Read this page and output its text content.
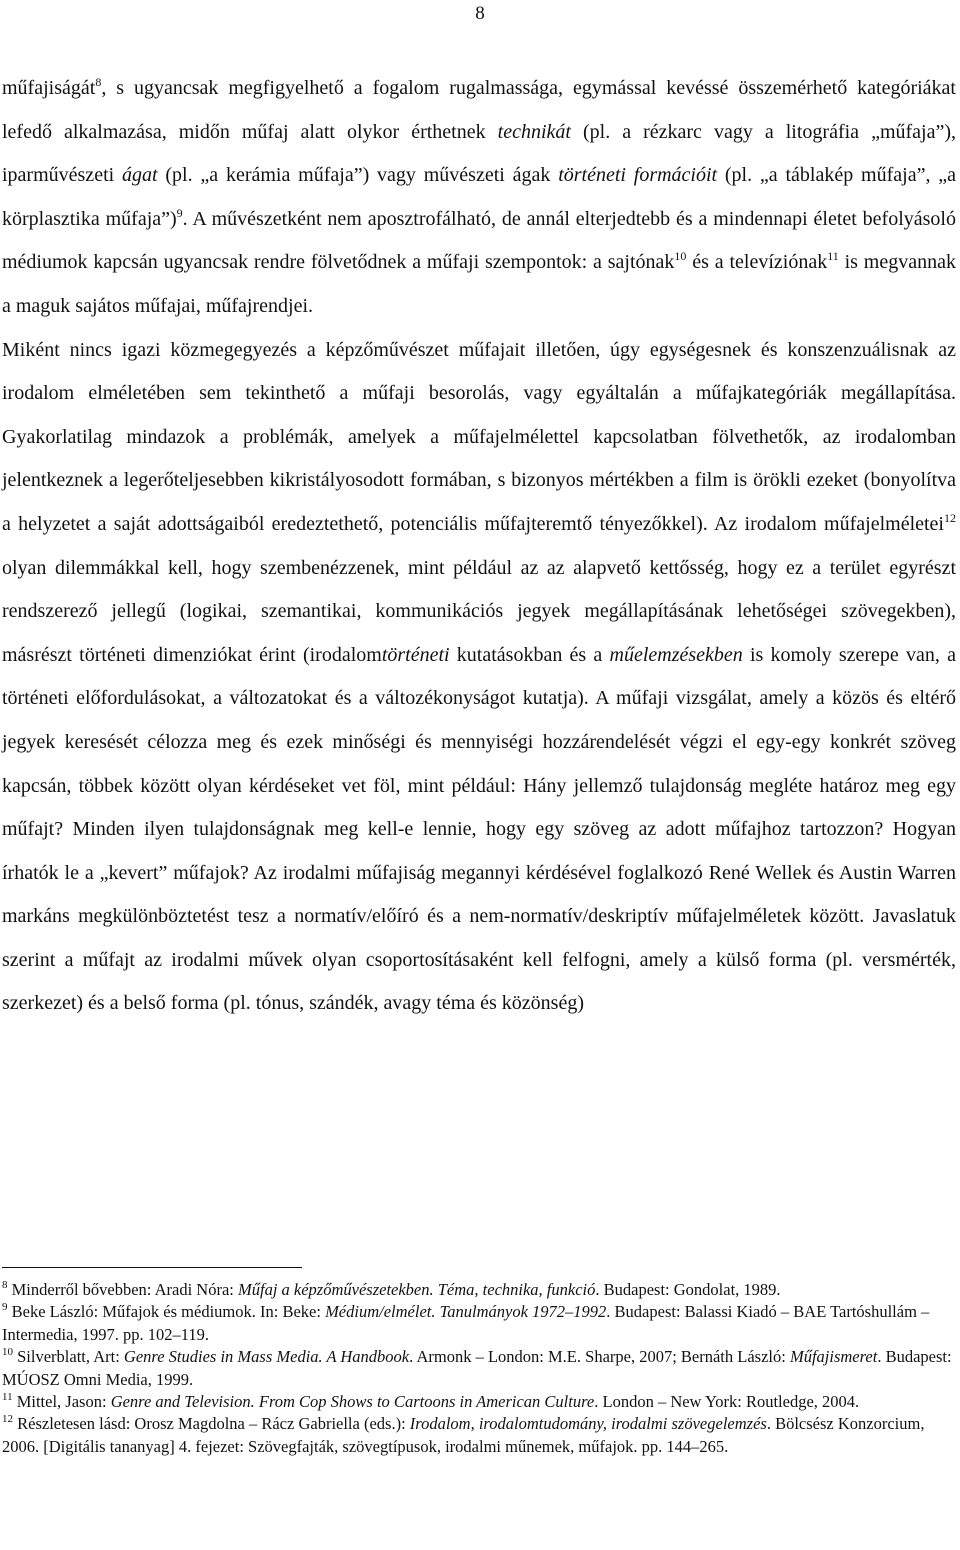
8

műfajiságát$^8$, s ugyancsak megfigyelhető a fogalom rugalmassága, egymással kevéssé összemérhető kategóriákat lefedő alkalmazása, midőn műfaj alatt olykor érthetnek technikát (pl. a rézkarc vagy a litográfia „műfaja”), iparművészeti ágat (pl. „a kerámia műfaja”) vagy művészeti ágak történeti formációit (pl. „a táblakép műfaja”, „a körplasztika műfaja”)$^9$. A művészetként nem aposztrofálható, de annál elterjedtebb és a mindennapi életet befolyásoló médiumok kapcsán ugyancsak rendre fölvetődnek a műfaji szempontok: a sajtónak$^{10}$ és a televíziónak$^{11}$ is megvannak a maguk sajátos műfajai, műfajrendjei.

Miként nincs igazi közmegegyezés a képzőművészet műfajait illetően, úgy egységesnek és konszenzuálisnak az irodalom elméletében sem tekinthető a műfaji besorolás, vagy egyáltalán a műfajkategóriák megállapítása. Gyakorlatilag mindazok a problémák, amelyek a műfajelmélettel kapcsolatban fölvethetők, az irodalomban jelentkeznek a legerőteljesebben kikristályosodott formában, s bizonyos mértékben a film is örökli ezeket (bonyolítva a helyzetet a saját adottságaiból eredeztethető, potenciális műfajteremtő tényezőkkel). Az irodalom műfajelméletei$^{12}$ olyan dilemmákkal kell, hogy szembenézzenek, mint például az az alapvető kettősség, hogy ez a terület egyrészt rendszerező jellegű (logikai, szemantikai, kommunikációs jegyek megállapításának lehetőségei szövegekben), másrészt történeti dimenziókat érint (irodalomtörténeti kutatásokban és a műelemzésekben is komoly szerepe van, a történeti előfordulásokat, a változatokat és a változékonyságot kutatja). A műfaji vizsgálat, amely a közös és eltérő jegyek keresését célozza meg és ezek minőségi és mennyiségi hozzárendelését végzi el egy-egy konkrét szöveg kapcsán, többek között olyan kérdéseket vet föl, mint például: Hány jellemző tulajdonság megléte határoz meg egy műfajt? Minden ilyen tulajdonságnak meg kell-e lennie, hogy egy szöveg az adott műfajhoz tartozzon? Hogyan írhatók le a „kevert” műfajok? Az irodalmi műfajiság megannyi kérdésével foglalkozó René Wellek és Austin Warren markáns megkülönböztetést tesz a normatív/előíró és a nem-normatív/deskriptív műfajelméletek között. Javaslatuk szerint a műfajt az irodalmi művek olyan csoportosításaként kell felfogni, amely a külső forma (pl. versmérték, szerkezet) és a belső forma (pl. tónus, szándék, avagy téma és közönség)

$^8$ Minderről bővebben: Aradi Nóra: Műfaj a képzőművészetekben. Téma, technika, funkció. Budapest: Gondolat, 1989.

$^9$ Beke László: Műfajok és médiumok. In: Beke: Médium/elmélet. Tanulmányok 1972–1992. Budapest: Balassi Kiadó – BAE Tartóshullám – Intermedia, 1997. pp. 102–119.

$^{10}$ Silverblatt, Art: Genre Studies in Mass Media. A Handbook. Armonk – London: M.E. Sharpe, 2007; Bernáth László: Műfajismeret. Budapest: MÚOSZ Omni Media, 1999.

$^{11}$ Mittel, Jason: Genre and Television. From Cop Shows to Cartoons in American Culture. London – New York: Routledge, 2004.

$^{12}$ Részletesen lásd: Orosz Magdolna – Rácz Gabriella (eds.): Irodalom, irodalomtudomány, irodalmi szövegelemzés. Bölcsész Konzorcium, 2006. [Digitális tananyag] 4. fejezet: Szövegfajták, szövegtípusok, irodalmi műnemek, műfajok. pp. 144–265.
